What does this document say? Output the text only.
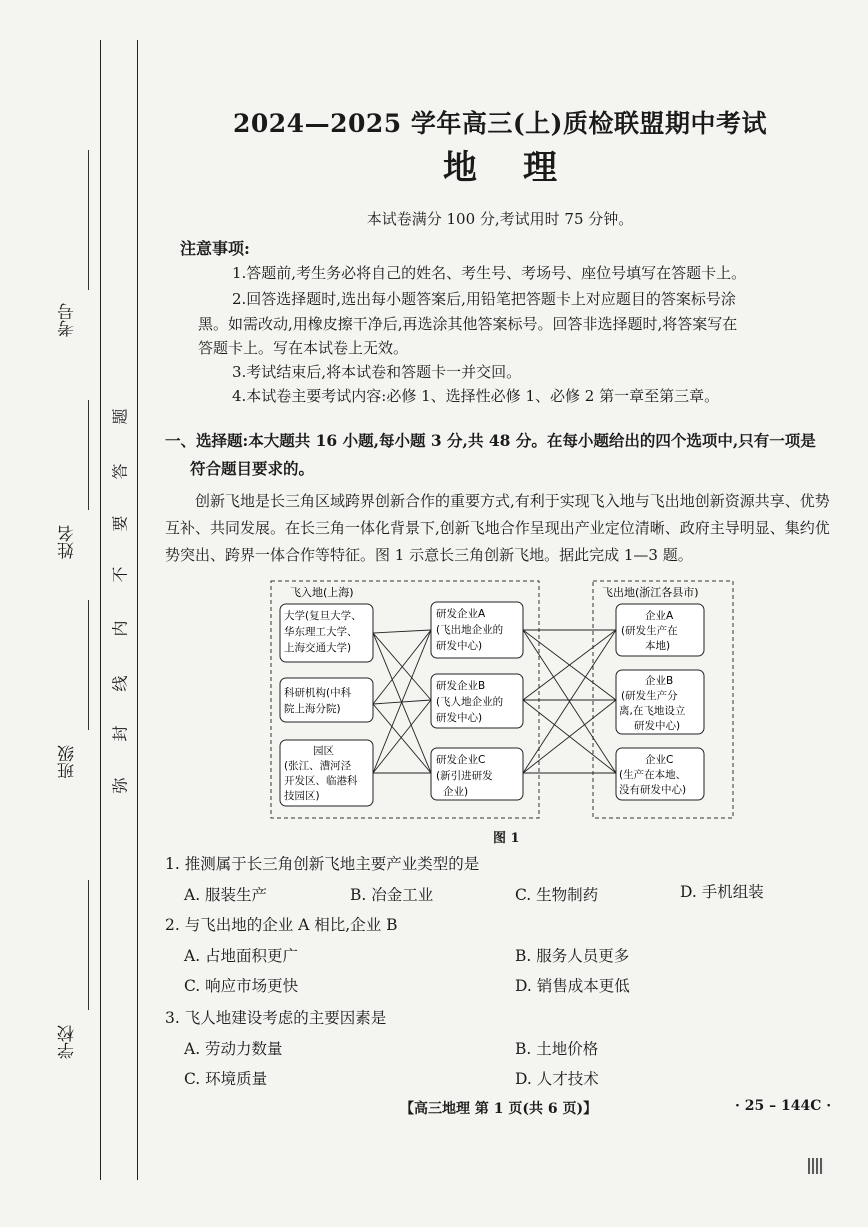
考号
姓名
班级
学校
题
答
要
不
内
线
封
弥
2024—2025 学年高三(上)质检联盟期中考试
地理
本试卷满分 100 分,考试用时 75 分钟。
注意事项:
1.答题前,考生务必将自己的姓名、考生号、考场号、座位号填写在答题卡上。
2.回答选择题时,选出每小题答案后,用铅笔把答题卡上对应题目的答案标号涂
黑。如需改动,用橡皮擦干净后,再选涂其他答案标号。回答非选择题时,将答案写在
答题卡上。写在本试卷上无效。
3.考试结束后,将本试卷和答题卡一并交回。
4.本试卷主要考试内容:必修 1、选择性必修 1、必修 2 第一章至第三章。
一、选择题:本大题共 16 小题,每小题 3 分,共 48 分。在每小题给出的四个选项中,只有一项是
符合题目要求的。
创新飞地是长三角区域跨界创新合作的重要方式,有利于实现飞入地与飞出地创新资源共享、优势互补、共同发展。在长三角一体化背景下,创新飞地合作呈现出产业定位清晰、政府主导明显、集约优势突出、跨界一体合作等特征。图 1 示意长三角创新飞地。据此完成 1—3 题。
飞入地(上海)	飞出地(浙江各县市)
大学(复旦大学、
华东理工大学、
上海交通大学)
科研机构(中科
院上海分院)
园区
(张江、漕河泾
开发区、临港科
技园区)
研发企业A
(飞出地企业的
研发中心)
研发企业B
(飞人地企业的
研发中心)
研发企业C
(新引进研发
企业)
企业A
(研发生产在
本地)
企业B
(研发生产分
离,在飞地设立
研发中心)
企业C
(生产在本地、
没有研发中心)
图 1
1. 推测属于长三角创新飞地主要产业类型的是
A. 服装生产	B. 冶金工业	C. 生物制药	D. 手机组装
2. 与飞出地的企业 A 相比,企业 B
A. 占地面积更广	B. 服务人员更多
C. 响应市场更快	D. 销售成本更低
3. 飞人地建设考虑的主要因素是
A. 劳动力数量	B. 土地价格
C. 环境质量	D. 人才技术
【高三地理 第 1 页(共 6 页)】	· 25 – 144C ·
